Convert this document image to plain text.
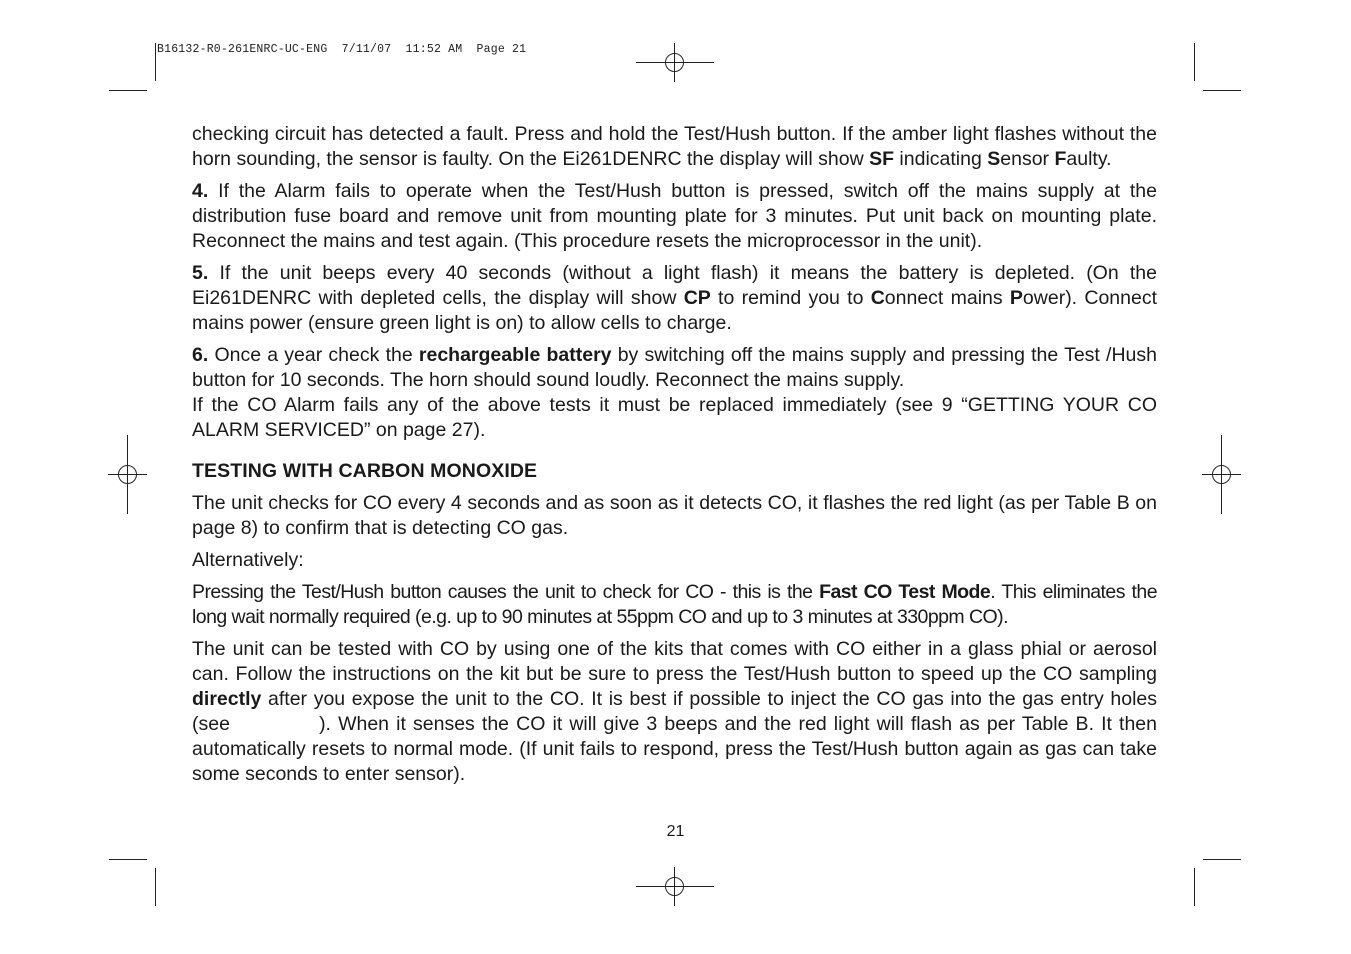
B16132-R0-261ENRC-UC-ENG  7/11/07  11:52 AM  Page 21

checking circuit has detected a fault. Press and hold the Test/Hush button. If the amber light flashes without the horn sounding, the sensor is faulty. On the Ei261DENRC the display will show SF indicating Sensor Faulty.

4. If the Alarm fails to operate when the Test/Hush button is pressed, switch off the mains supply at the distribution fuse board and remove unit from mounting plate for 3 minutes. Put unit back on mounting plate. Reconnect the mains and test again. (This procedure resets the microprocessor in the unit).

5. If the unit beeps every 40 seconds (without a light flash) it means the battery is depleted. (On the Ei261DENRC with depleted cells, the display will show CP to remind you to Connect mains Power). Connect mains power (ensure green light is on) to allow cells to charge.

6. Once a year check the rechargeable battery by switching off the mains supply and pressing the Test /Hush button for 10 seconds. The horn should sound loudly. Reconnect the mains supply.

If the CO Alarm fails any of the above tests it must be replaced immediately (see 9 “GETTING YOUR CO ALARM SERVICED” on page 27).

TESTING WITH CARBON MONOXIDE

The unit checks for CO every 4 seconds and as soon as it detects CO, it flashes the red light (as per Table B on page 8) to confirm that is detecting CO gas.

Alternatively:

Pressing the Test/Hush button causes the unit to check for CO - this is the Fast CO Test Mode. This eliminates the long wait normally required (e.g. up to 90 minutes at 55ppm CO and up to 3 minutes at 330ppm CO).

The unit can be tested with CO by using one of the kits that comes with CO either in a glass phial or aerosol can. Follow the instructions on the kit but be sure to press the Test/Hush button to speed up the CO sampling directly after you expose the unit to the CO. It is best if possible to inject the CO gas into the gas entry holes (see	). When it senses the CO it will give 3 beeps and the red light will flash as per Table B. It then automatically resets to normal mode. (If unit fails to respond, press the Test/Hush button again as gas can take some seconds to enter sensor).

21
